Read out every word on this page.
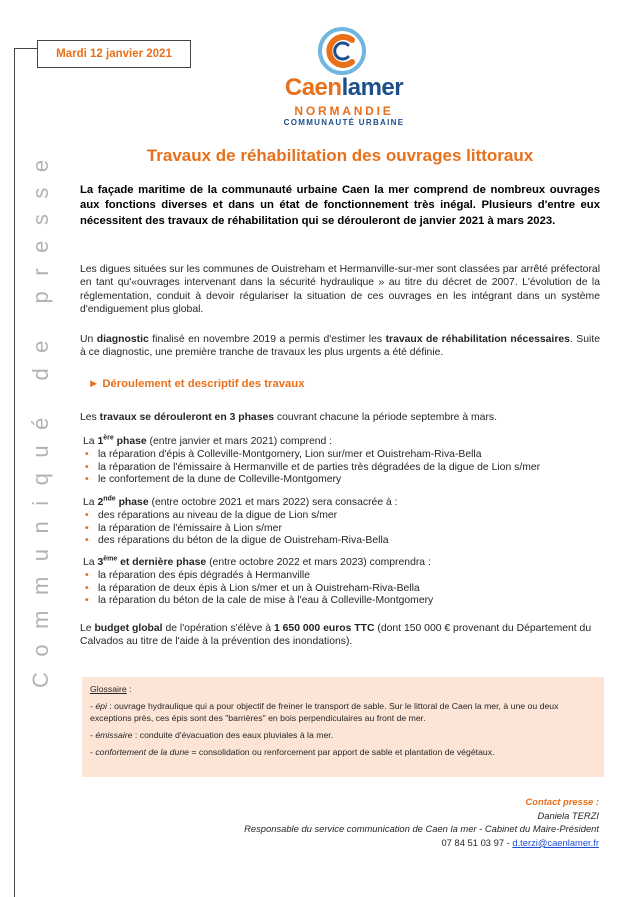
Communiqué de presse
Mardi 12 janvier 2021
Caenlamer
NORMANDIE
COMMUNAUTÉ URBAINE
Travaux de réhabilitation des ouvrages littoraux
La façade maritime de la communauté urbaine Caen la mer comprend de nombreux ouvrages aux fonctions diverses et dans un état de fonctionnement très inégal. Plusieurs d'entre eux nécessitent des travaux de réhabilitation qui se dérouleront de janvier 2021 à mars 2023.
Les digues situées sur les communes de Ouistreham et Hermanville-sur-mer sont classées par arrêté préfectoral en tant qu'«ouvrages intervenant dans la sécurité hydraulique » au titre du décret de 2007. L'évolution de la réglementation, conduit à devoir régulariser la situation de ces ouvrages en les intégrant dans un système d'endiguement plus global.
Un diagnostic finalisé en novembre 2019 a permis d'estimer les travaux de réhabilitation nécessaires. Suite à ce diagnostic, une première tranche de travaux les plus urgents a été définie.
► Déroulement et descriptif des travaux
Les travaux se dérouleront en 3 phases couvrant chacune la période septembre à mars.
La 1ère phase (entre janvier et mars 2021) comprend :
• la réparation d'épis à Colleville-Montgomery, Lion sur/mer et Ouistreham-Riva-Bella
• la réparation de l'émissaire à Hermanville et de parties très dégradées de la digue de Lion s/mer
• le confortement de la dune de Colleville-Montgomery
La 2nde phase (entre octobre 2021 et mars 2022) sera consacrée à :
• des réparations au niveau de la digue de Lion s/mer
• la réparation de l'émissaire à Lion s/mer
• des réparations du béton de la digue de Ouistreham-Riva-Bella
La 3ème et dernière phase (entre octobre 2022 et mars 2023) comprendra :
• la réparation des épis dégradés à Hermanville
• la réparation de deux épis à Lion s/mer et un à Ouistreham-Riva-Bella
• la réparation du béton de la cale de mise à l'eau à Colleville-Montgomery
Le budget global de l'opération s'élève à 1 650 000 euros TTC (dont 150 000 € provenant du Département du Calvados au titre de l'aide à la prévention des inondations).

Glossaire :

- épi : ouvrage hydraulique qui a pour objectif de freiner le transport de sable. Sur le littoral de Caen la mer, à une ou deux exceptions près, ces épis sont des "barrières" en bois perpendiculaires au front de mer.

- émissaire : conduite d'évacuation des eaux pluviales à la mer.

- confortement de la dune = consolidation ou renforcement par apport de sable et plantation de végétaux.

Contact presse :
Daniela TERZI
Responsable du service communication de Caen la mer - Cabinet du Maire-Président
07 84 51 03 97 - d.terzi@caenlamer.fr
